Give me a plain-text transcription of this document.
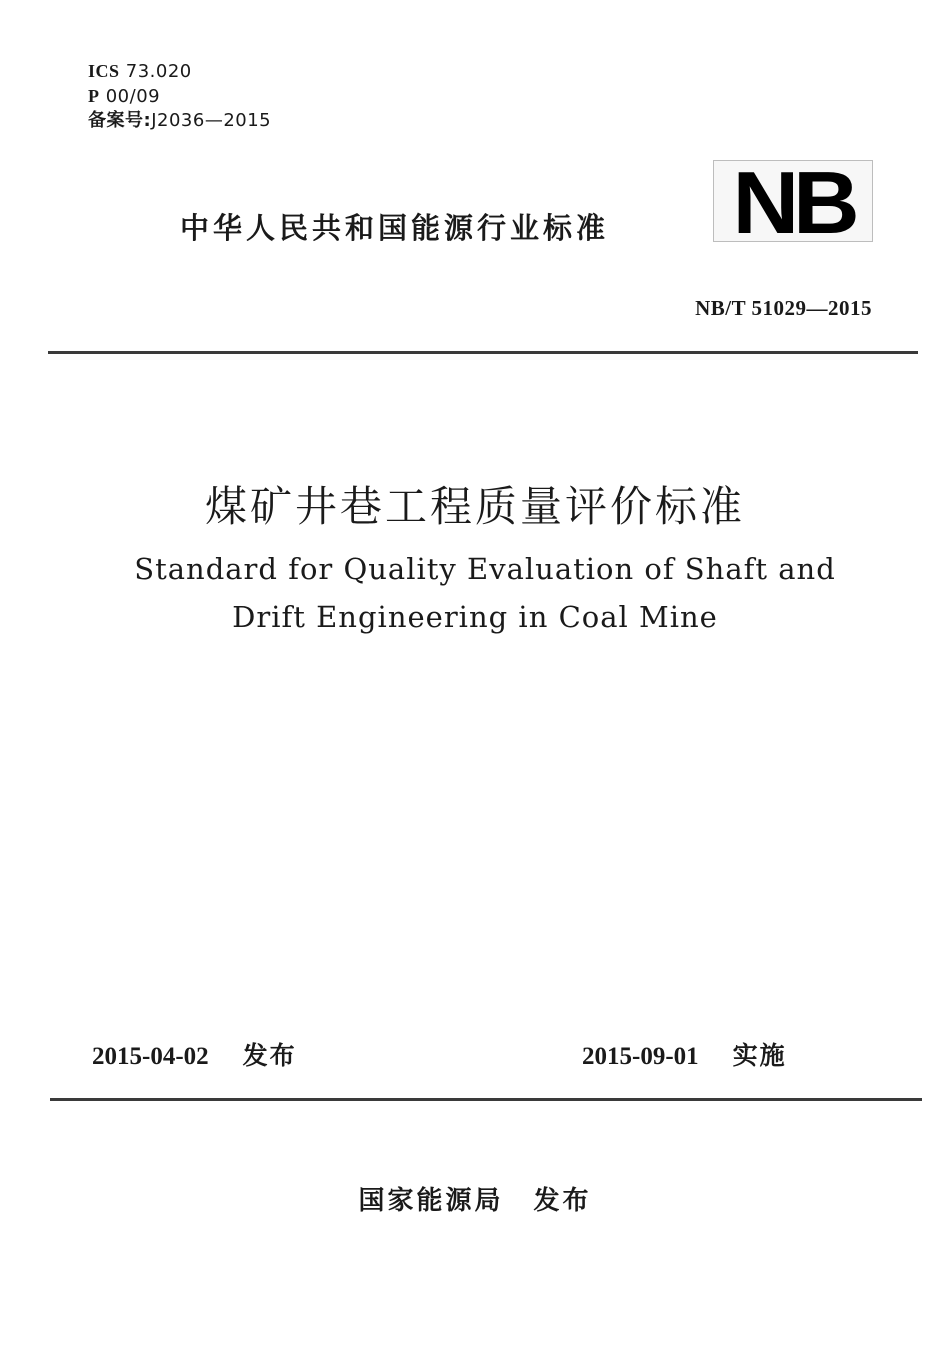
ICS 73.020
P 00/09
备案号:J2036—2015
中华人民共和国能源行业标准 NB
NB/T 51029—2015
煤矿井巷工程质量评价标准
Standard for Quality Evaluation of Shaft and
Drift Engineering in Coal Mine
2015-04-02 发布	2015-09-01 实施
国家能源局 发布
